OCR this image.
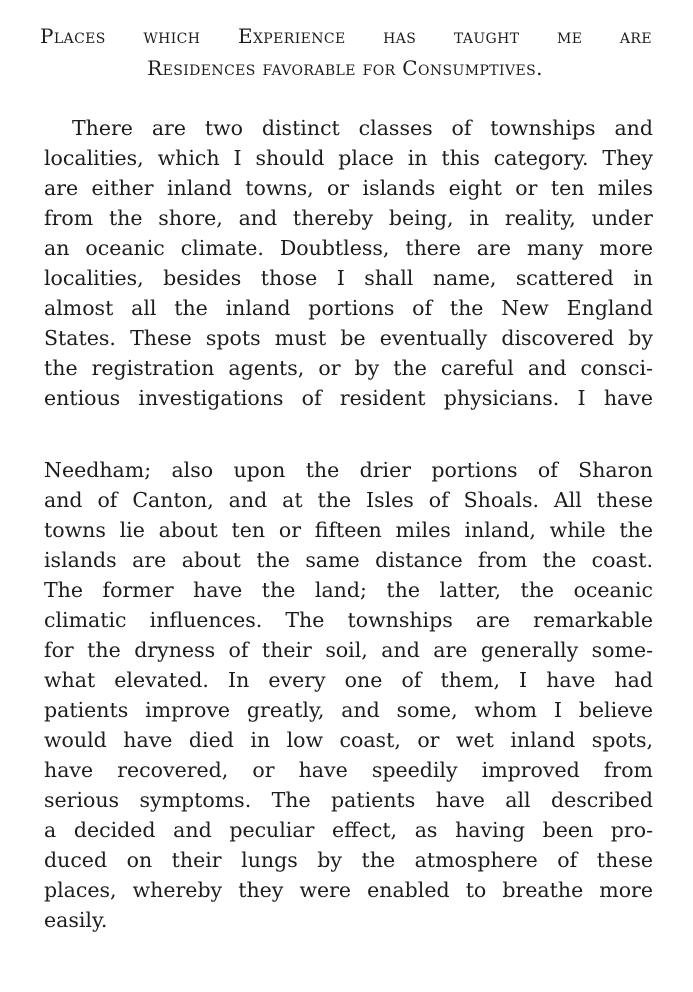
Places which Experience has taught me are
Residences favorable for Consumptives.
There are two distinct classes of townships and
localities, which I should place in this category. They
are either inland towns, or islands eight or ten miles
from the shore, and thereby being, in reality, under
an oceanic climate. Doubtless, there are many more
localities, besides those I shall name, scattered in
almost all the inland portions of the New England
States. These spots must be eventually discovered by
the registration agents, or by the careful and consci-
entious investigations of resident physicians. I have
Needham; also upon the drier portions of Sharon
and of Canton, and at the Isles of Shoals. All these
towns lie about ten or fifteen miles inland, while the
islands are about the same distance from the coast.
The former have the land; the latter, the oceanic
climatic influences. The townships are remarkable
for the dryness of their soil, and are generally some-
what elevated. In every one of them, I have had
patients improve greatly, and some, whom I believe
would have died in low coast, or wet inland spots,
have recovered, or have speedily improved from
serious symptoms. The patients have all described
a decided and peculiar effect, as having been pro-
duced on their lungs by the atmosphere of these
places, whereby they were enabled to breathe more
easily.
